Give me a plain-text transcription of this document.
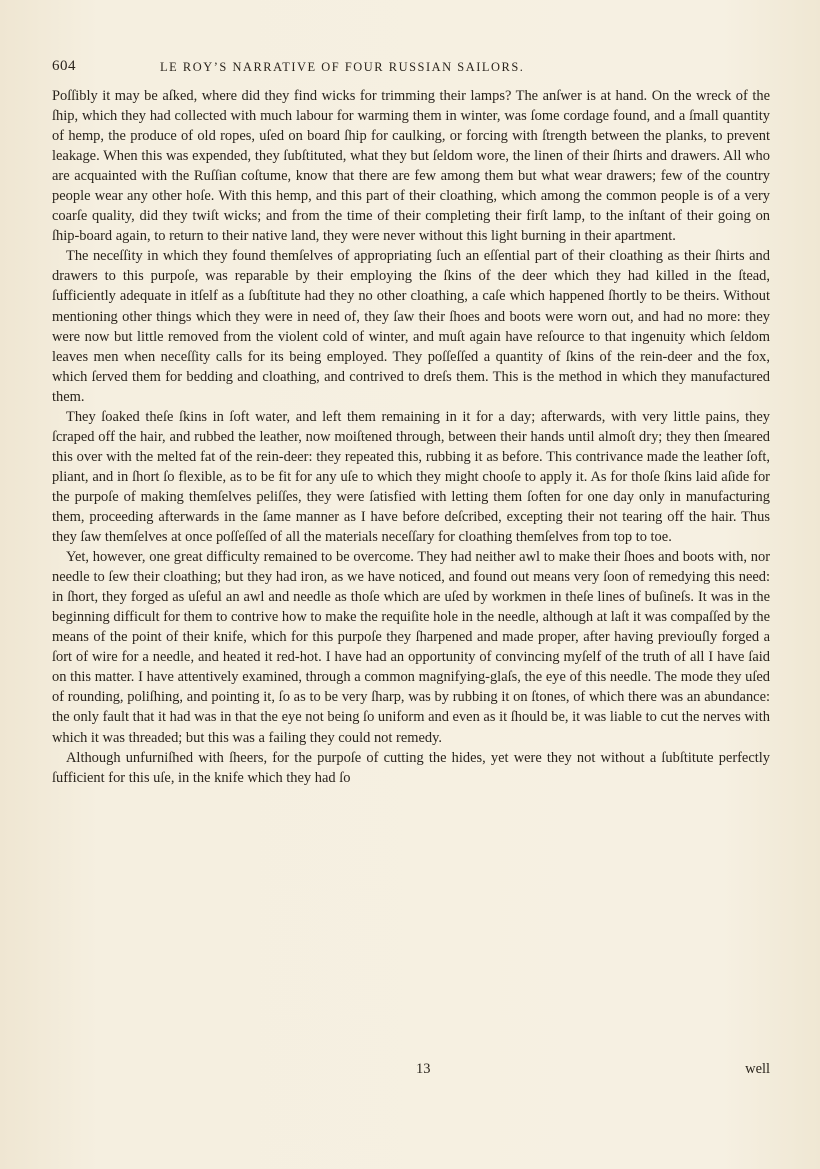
604	LE ROY’S NARRATIVE OF FOUR RUSSIAN SAILORS.

Poſſibly it may be aſked, where did they find wicks for trimming their lamps? The anſwer is at hand. On the wreck of the ſhip, which they had collected with much labour for warming them in winter, was ſome cordage found, and a ſmall quantity of hemp, the produce of old ropes, uſed on board ſhip for caulking, or forcing with ſtrength between the planks, to prevent leakage. When this was expended, they ſubſtituted, what they but ſeldom wore, the linen of their ſhirts and drawers. All who are acquainted with the Ruſſian coſtume, know that there are few among them but what wear drawers; few of the country people wear any other hoſe. With this hemp, and this part of their cloathing, which among the common people is of a very coarſe quality, did they twiſt wicks; and from the time of their completing their firſt lamp, to the inſtant of their going on ſhip-board again, to return to their native land, they were never without this light burning in their apartment.

The neceſſity in which they found themſelves of appropriating ſuch an eſſential part of their cloathing as their ſhirts and drawers to this purpoſe, was reparable by their employing the ſkins of the deer which they had killed in the ſtead, ſufficiently adequate in itſelf as a ſubſtitute had they no other cloathing, a caſe which happened ſhortly to be theirs. Without mentioning other things which they were in need of, they ſaw their ſhoes and boots were worn out, and had no more: they were now but little removed from the violent cold of winter, and muſt again have reſource to that ingenuity which ſeldom leaves men when neceſſity calls for its being employed. They poſſeſſed a quantity of ſkins of the rein-deer and the fox, which ſerved them for bedding and cloathing, and contrived to dreſs them. This is the method in which they manufactured them.

They ſoaked theſe ſkins in ſoft water, and left them remaining in it for a day; afterwards, with very little pains, they ſcraped off the hair, and rubbed the leather, now moiſtened through, between their hands until almoſt dry; they then ſmeared this over with the melted fat of the rein-deer: they repeated this, rubbing it as before. This contrivance made the leather ſoft, pliant, and in ſhort ſo flexible, as to be fit for any uſe to which they might chooſe to apply it. As for thoſe ſkins laid aſide for the purpoſe of making themſelves peliſſes, they were ſatisfied with letting them ſoften for one day only in manufacturing them, proceeding afterwards in the ſame manner as I have before deſcribed, excepting their not tearing off the hair. Thus they ſaw themſelves at once poſſeſſed of all the materials neceſſary for cloathing themſelves from top to toe.

Yet, however, one great difficulty remained to be overcome. They had neither awl to make their ſhoes and boots with, nor needle to ſew their cloathing; but they had iron, as we have noticed, and found out means very ſoon of remedying this need: in ſhort, they forged as uſeful an awl and needle as thoſe which are uſed by workmen in theſe lines of buſineſs. It was in the beginning difficult for them to contrive how to make the requiſite hole in the needle, although at laſt it was compaſſed by the means of the point of their knife, which for this purpoſe they ſharpened and made proper, after having previouſly forged a ſort of wire for a needle, and heated it red-hot. I have had an opportunity of convincing myſelf of the truth of all I have ſaid on this matter. I have attentively examined, through a common magnifying-glaſs, the eye of this needle. The mode they uſed of rounding, poliſhing, and pointing it, ſo as to be very ſharp, was by rubbing it on ſtones, of which there was an abundance: the only fault that it had was in that the eye not being ſo uniform and even as it ſhould be, it was liable to cut the nerves with which it was threaded; but this was a failing they could not remedy.

Although unfurniſhed with ſheers, for the purpoſe of cutting the hides, yet were they not without a ſubſtitute perfectly ſufficient for this uſe, in the knife which they had ſo

13	well
